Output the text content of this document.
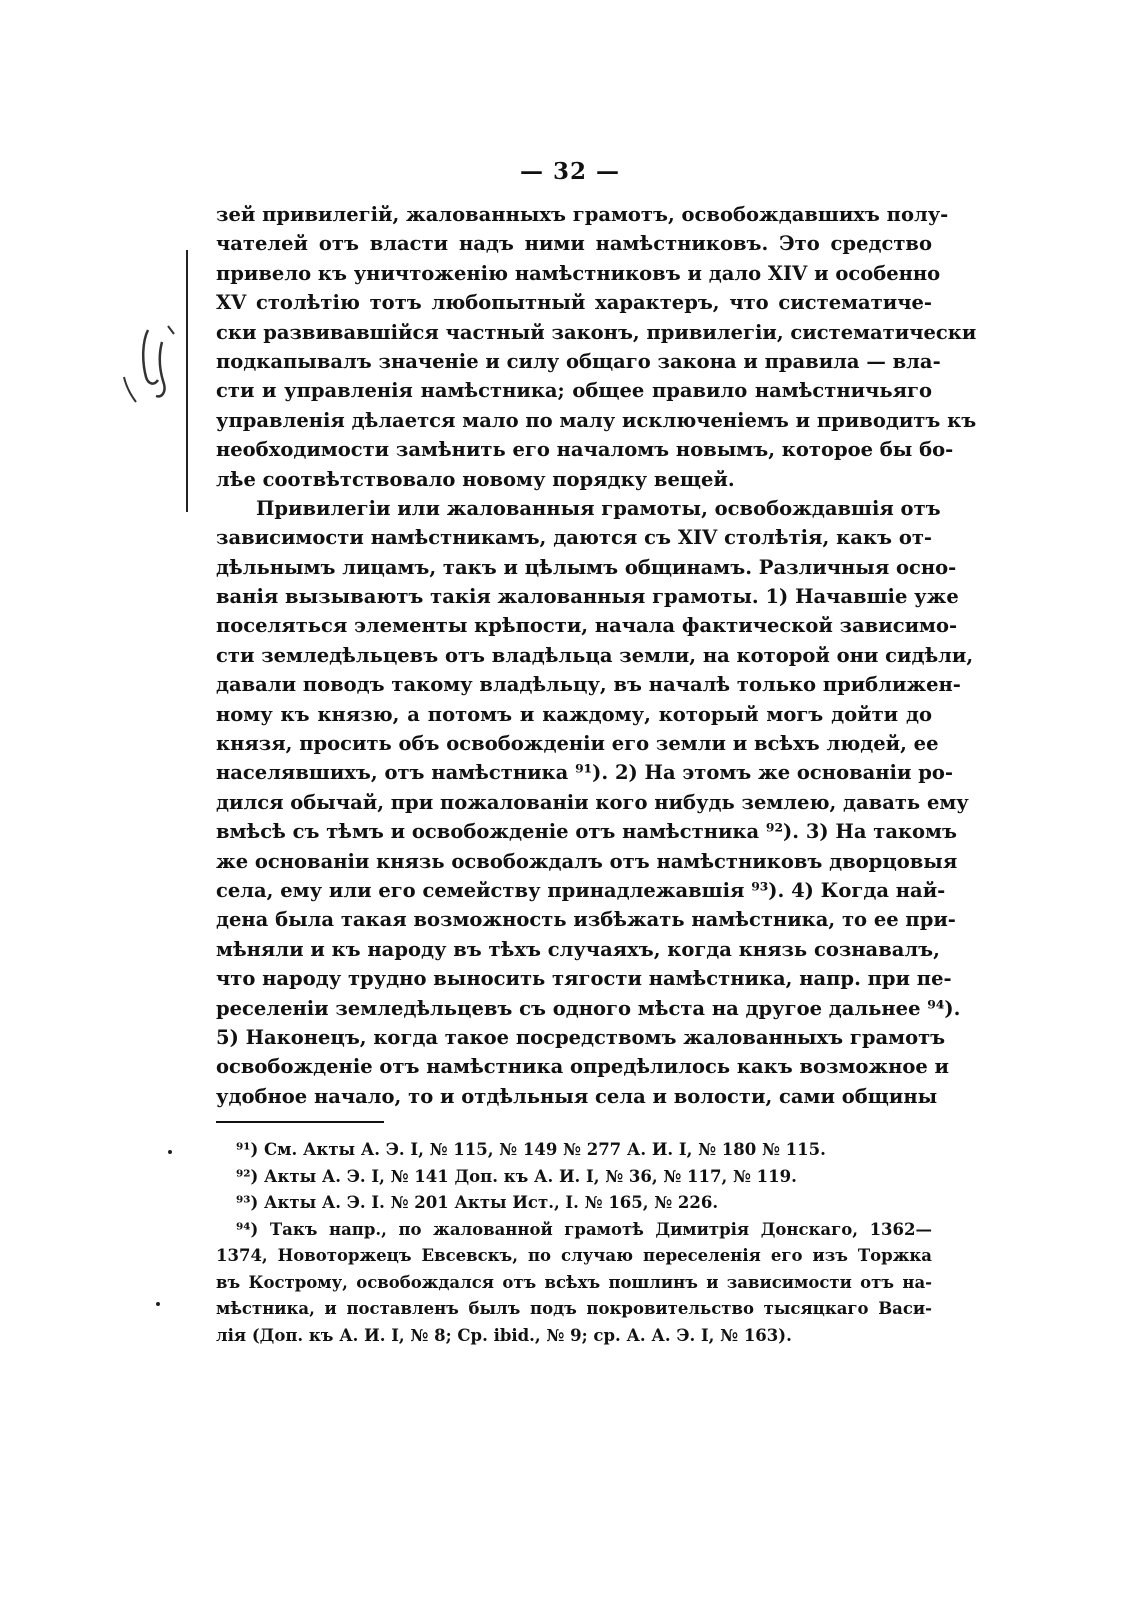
— 32 —
зей привилегій, жалованныхъ грамотъ, освобождавшихъ полу-
чателей отъ власти надъ ними намѣстниковъ. Это средство
привело къ уничтоженію намѣстниковъ и дало XIV и особенно
XV столѣтію тотъ любопытный характеръ, что систематиче-
ски развивавшійся частный законъ, привилегіи, систематически
подкапывалъ значеніе и силу общаго закона и правила — вла-
сти и управленія намѣстника; общее правило намѣстничьяго
управленія дѣлается мало по малу исключеніемъ и приводитъ къ
необходимости замѣнить его началомъ новымъ, которое бы бо-
лѣе соотвѣтствовало новому порядку вещей.
Привилегіи или жалованныя грамоты, освобождавшія отъ
зависимости намѣстникамъ, даются съ XIV столѣтія, какъ от-
дѣльнымъ лицамъ, такъ и цѣлымъ общинамъ. Различныя осно-
ванія вызываютъ такія жалованныя грамоты. 1) Начавшіе уже
поселяться элементы крѣпости, начала фактической зависимо-
сти земледѣльцевъ отъ владѣльца земли, на которой они сидѣли,
давали поводъ такому владѣльцу, въ началѣ только приближен-
ному къ князю, а потомъ и каждому, который могъ дойти до
князя, просить объ освобожденіи его земли и всѣхъ людей, ее
населявшихъ, отъ намѣстника ⁹¹). 2) На этомъ же основаніи ро-
дился обычай, при пожалованіи кого нибудь землею, давать ему
вмѣсѣ съ тѣмъ и освобожденіе отъ намѣстника ⁹²). 3) На такомъ
же основаніи князь освобождалъ отъ намѣстниковъ дворцовыя
села, ему или его семейству принадлежавшія ⁹³). 4) Когда най-
дена была такая возможность избѣжать намѣстника, то ее при-
мѣняли и къ народу въ тѣхъ случаяхъ, когда князь сознавалъ,
что народу трудно выносить тягости намѣстника, напр. при пе-
реселеніи земледѣльцевъ съ одного мѣста на другое дальнее ⁹⁴).
5) Наконецъ, когда такое посредствомъ жалованныхъ грамотъ
освобожденіе отъ намѣстника опредѣлилось какъ возможное и
удобное начало, то и отдѣльныя села и волости, сами общины
⁹¹) См. Акты А. Э. I, № 115, № 149 № 277 А. И. I, № 180 № 115.
⁹²) Акты А. Э. I, № 141 Доп. къ А. И. I, № 36, № 117, № 119.
⁹³) Акты А. Э. I. № 201 Акты Ист., I. № 165, № 226.
⁹⁴) Такъ напр., по жалованной грамотѣ Димитрія Донскаго, 1362—
1374, Новоторжецъ Евсевскъ, по случаю переселенія его изъ Торжка
въ Кострому, освобождался отъ всѣхъ пошлинъ и зависимости отъ на-
мѣстника, и поставленъ былъ подъ покровительство тысяцкаго Васи-
лія (Доп. къ А. И. I, № 8; Ср. ibid., № 9; ср. А. А. Э. I, № 163).
